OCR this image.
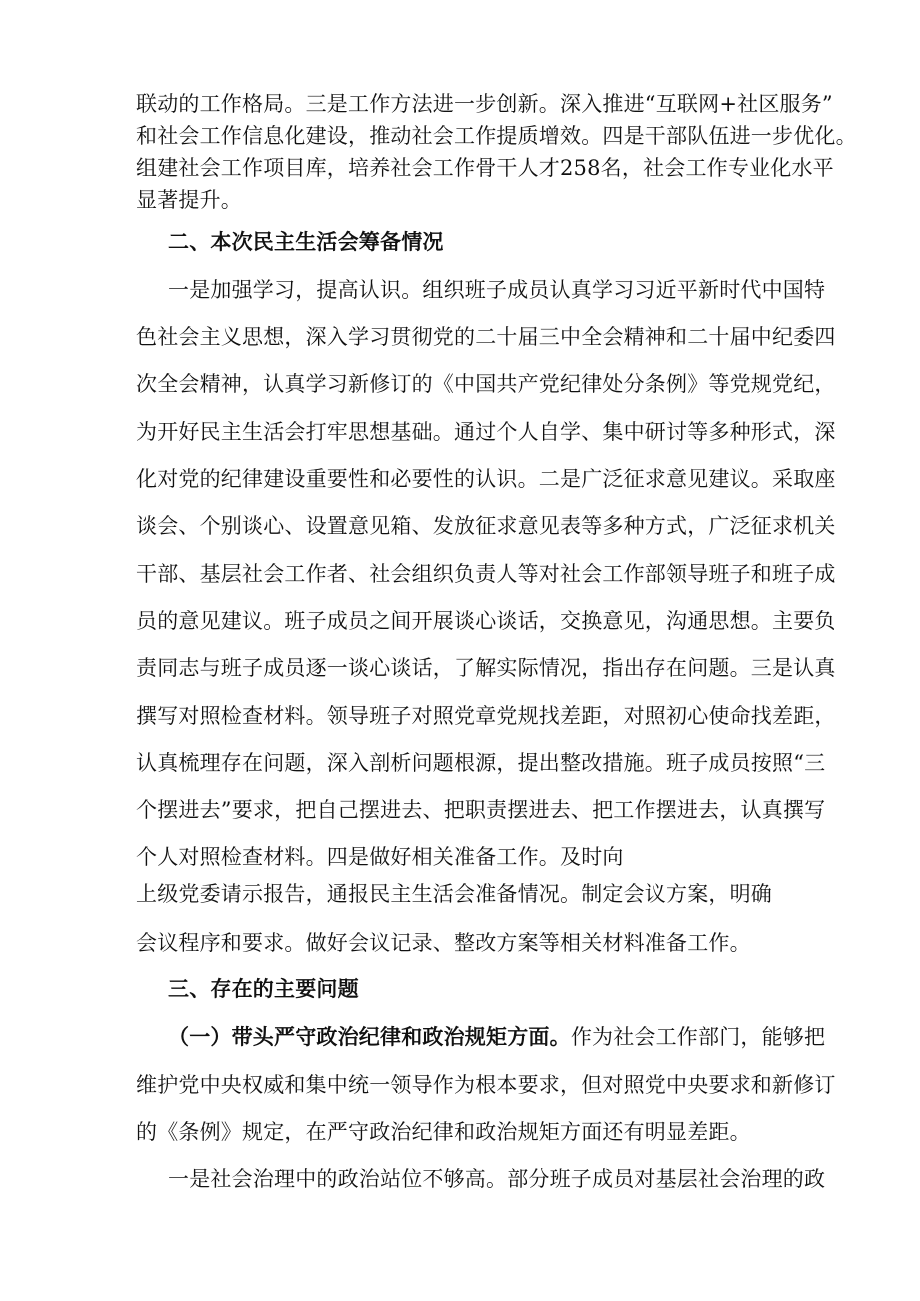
联动的工作格局。三是工作方法进一步创新。深入推进“互联网+社区服务”
和社会工作信息化建设，推动社会工作提质增效。四是干部队伍进一步优化。
组建社会工作项目库，培养社会工作骨干人才258名，社会工作专业化水平
显著提升。
二、本次民主生活会筹备情况
一是加强学习，提高认识。组织班子成员认真学习习近平新时代中国特
色社会主义思想，深入学习贯彻党的二十届三中全会精神和二十届中纪委四
次全会精神，认真学习新修订的《中国共产党纪律处分条例》等党规党纪，
为开好民主生活会打牢思想基础。通过个人自学、集中研讨等多种形式，深
化对党的纪律建设重要性和必要性的认识。二是广泛征求意见建议。采取座
谈会、个别谈心、设置意见箱、发放征求意见表等多种方式，广泛征求机关
干部、基层社会工作者、社会组织负责人等对社会工作部领导班子和班子成
员的意见建议。班子成员之间开展谈心谈话，交换意见，沟通思想。主要负
责同志与班子成员逐一谈心谈话，了解实际情况，指出存在问题。三是认真
撰写对照检查材料。领导班子对照党章党规找差距，对照初心使命找差距，
认真梳理存在问题，深入剖析问题根源，提出整改措施。班子成员按照“三
个摆进去”要求，把自己摆进去、把职责摆进去、把工作摆进去，认真撰写
个人对照检查材料。四是做好相关准备工作。及时向
上级党委请示报告，通报民主生活会准备情况。制定会议方案，明确
会议程序和要求。做好会议记录、整改方案等相关材料准备工作。
三、存在的主要问题
（一）带头严守政治纪律和政治规矩方面。作为社会工作部门，能够把
维护党中央权威和集中统一领导作为根本要求，但对照党中央要求和新修订
的《条例》规定，在严守政治纪律和政治规矩方面还有明显差距。
一是社会治理中的政治站位不够高。部分班子成员对基层社会治理的政
